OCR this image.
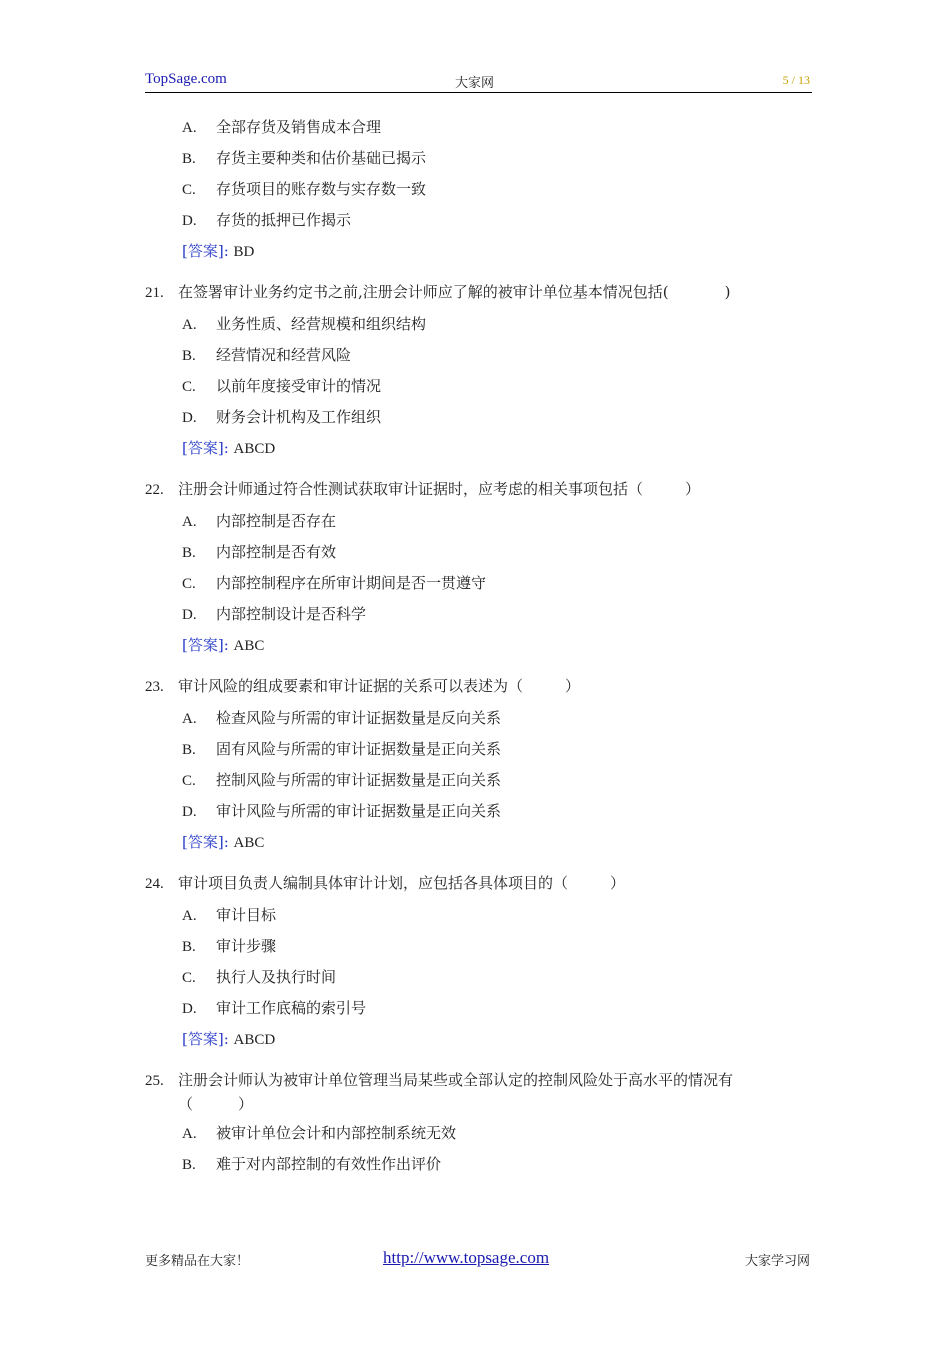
TopSage.com	大家网	5 / 13
A. 全部存货及销售成本合理
B. 存货主要种类和估价基础已揭示
C. 存货项目的账存数与实存数一致
D. 存货的抵押已作揭示
[答案]: BD
21. 在签署审计业务约定书之前,注册会计师应了解的被审计单位基本情况包括(	)
A. 业务性质、经营规模和组织结构
B. 经营情况和经营风险
C. 以前年度接受审计的情况
D. 财务会计机构及工作组织
[答案]: ABCD
22. 注册会计师通过符合性测试获取审计证据时，应考虑的相关事项包括（	）
A. 内部控制是否存在
B. 内部控制是否有效
C. 内部控制程序在所审计期间是否一贯遵守
D. 内部控制设计是否科学
[答案]: ABC
23. 审计风险的组成要素和审计证据的关系可以表述为（	）
A. 检查风险与所需的审计证据数量是反向关系
B. 固有风险与所需的审计证据数量是正向关系
C. 控制风险与所需的审计证据数量是正向关系
D. 审计风险与所需的审计证据数量是正向关系
[答案]: ABC
24. 审计项目负责人编制具体审计计划，应包括各具体项目的（	）
A. 审计目标
B. 审计步骤
C. 执行人及执行时间
D. 审计工作底稿的索引号
[答案]: ABCD
25. 注册会计师认为被审计单位管理当局某些或全部认定的控制风险处于高水平的情况有
（　　　）
A. 被审计单位会计和内部控制系统无效
B. 难于对内部控制的有效性作出评价
更多精品在大家！	http://www.topsage.com	大家学习网
